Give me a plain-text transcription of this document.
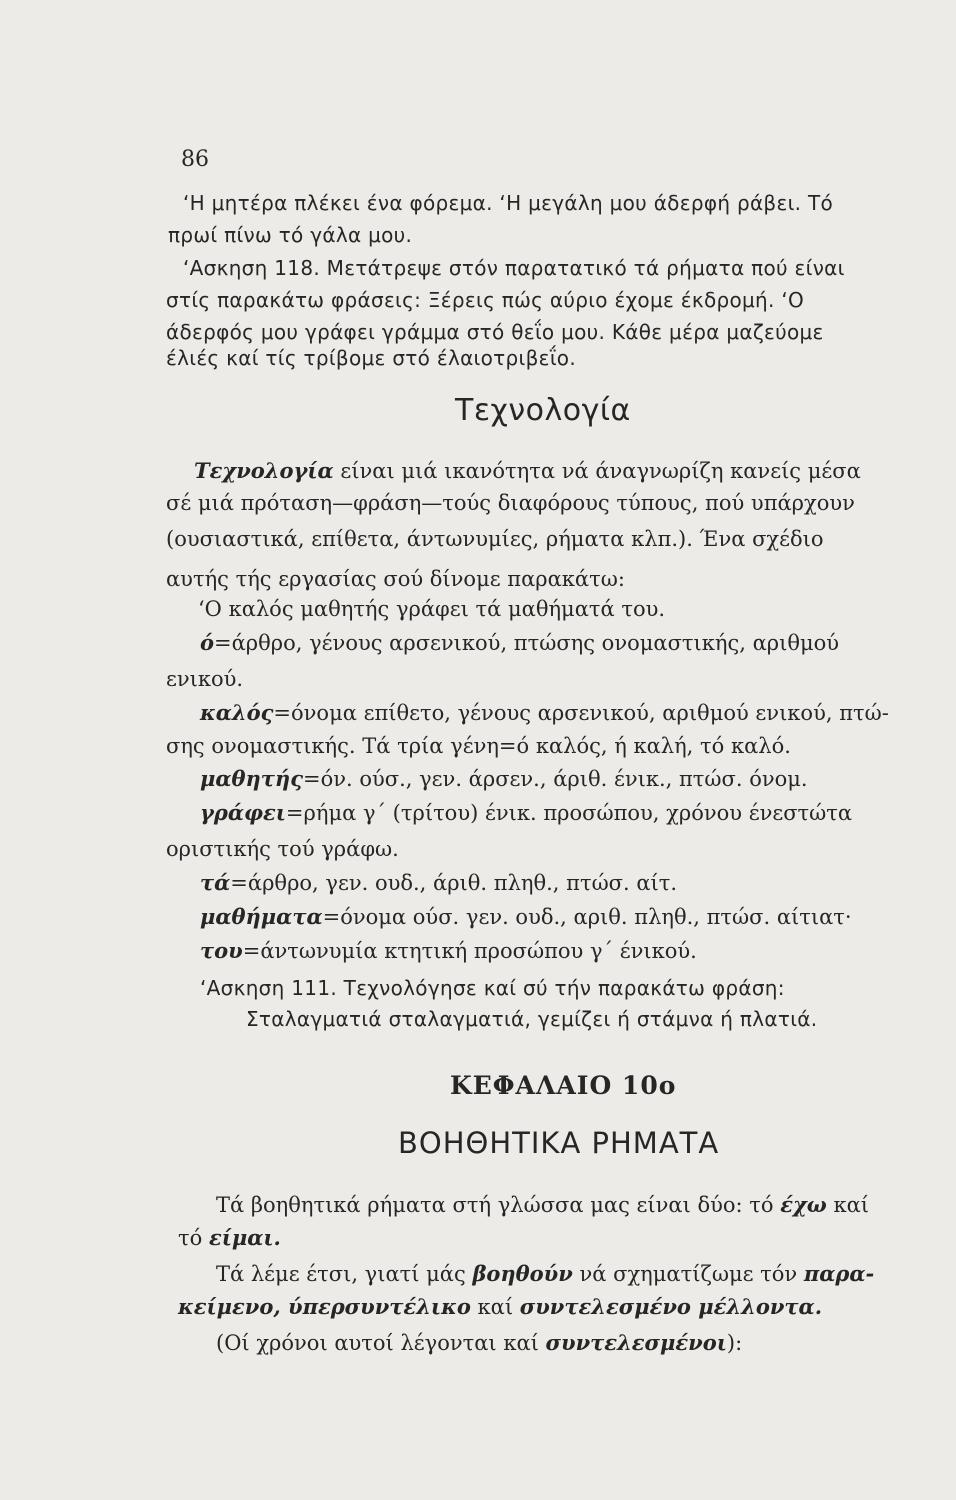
86
‘Η μητέρα πλέκει ένα φόρεμα. ‘Η μεγάλη μου άδερφή ράβει. Τό
πρωί πίνω τό γάλα μου.
‘Ασκηση 118. Μετάτρεψε στόν παρατατικό τά ρήματα πού είναι
στίς παρακάτω φράσεις: Ξέρεις πώς αύριο έχομε έκδρομή. ‘Ο
άδερφός μου γράφει γράμμα στό θεΐο μου. Κάθε μέρα μαζεύομε
έλιές καί τίς τρίβομε στό έλαιοτριβεΐο.
Τεχνολογία
Τεχνολογία είναι μιά ικανότητα νά άναγνωρίζη κανείς μέσα
σέ μιά πρόταση—φράση—τούς διαφόρους τύπους, πού υπάρχουν
(ουσιαστικά, επίθετα, άντωνυμίες, ρήματα κλπ.). Ένα σχέδιο
αυτής τής εργασίας σού δίνομε παρακάτω:
‘Ο καλός μαθητής γράφει τά μαθήματά του.
ό=άρθρο, γένους αρσενικού, πτώσης ονομαστικής, αριθμού
ενικού.
καλός=όνομα επίθετο, γένους αρσενικού, αριθμού ενικού, πτώ-
σης ονομαστικής. Τά τρία γένη=ό καλός, ή καλή, τό καλό.
μαθητής=όν. ούσ., γεν. άρσεν., άριθ. ένικ., πτώσ. όνομ.
γράφει=ρήμα γ΄ (τρίτου) ένικ. προσώπου, χρόνου ένεστώτα
οριστικής τού γράφω.
τά=άρθρο, γεν. ουδ., άριθ. πληθ., πτώσ. αίτ.
μαθήματα=όνομα ούσ. γεν. ουδ., αριθ. πληθ., πτώσ. αίτιατ·
του=άντωνυμία κτητική προσώπου γ΄ ένικού.
‘Ασκηση 111. Τεχνολόγησε καί σύ τήν παρακάτω φράση:
Σταλαγματιά σταλαγματιά, γεμίζει ή στάμνα ή πλατιά.
ΚΕΦΑΛΑΙΟ 10ο
ΒΟΗΘΗΤΙΚΑ ΡΗΜΑΤΑ
Τά βοηθητικά ρήματα στή γλώσσα μας είναι δύο: τό έχω καί
τό είμαι.
Τά λέμε έτσι, γιατί μάς βοηθούν νά σχηματίζωμε τόν παρα-
κείμενο, ύπερσυντέλικο καί συντελεσμένο μέλλοντα.
(Οί χρόνοι αυτοί λέγονται καί συντελεσμένοι):
